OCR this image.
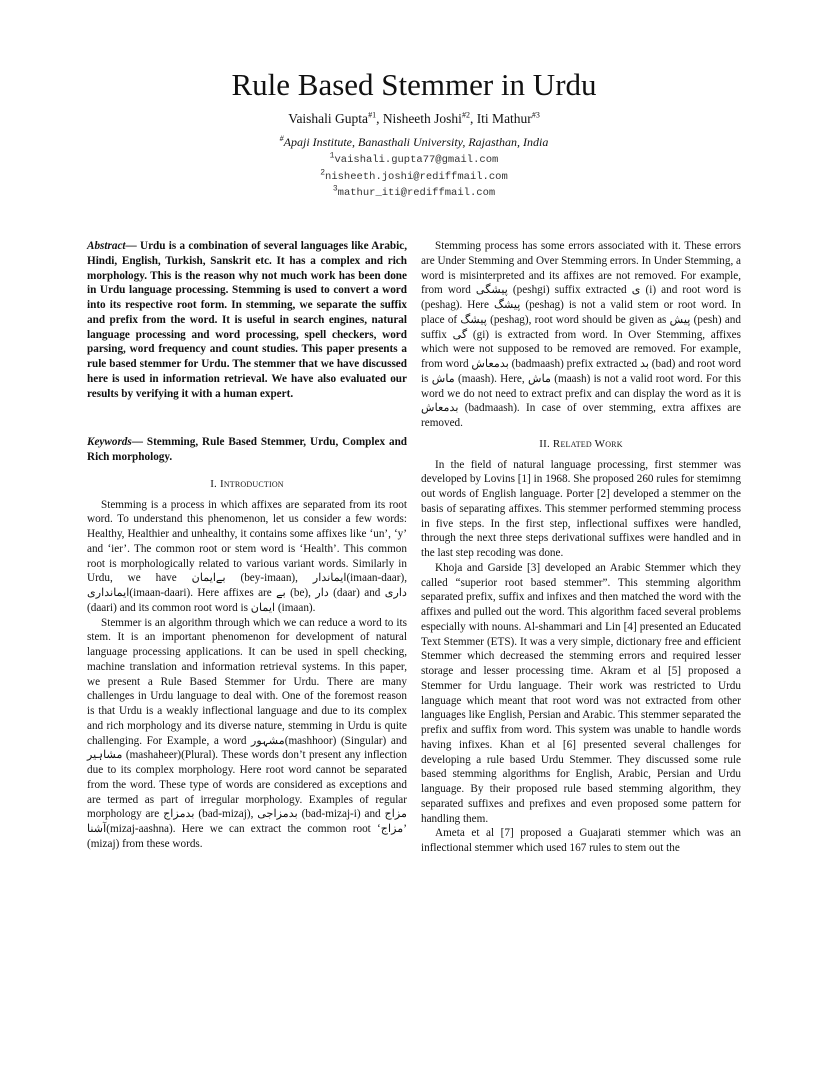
Rule Based Stemmer in Urdu
Vaishali Gupta$^{\#1}$, Nisheeth Joshi$^{\#2}$, Iti Mathur$^{\#3}$
#Apaji Institute, Banasthali University, Rajasthan, India
$^1$vaishali.gupta77@gmail.com
$^2$nisheeth.joshi@rediffmail.com
$^3$mathur_iti@rediffmail.com
Abstract— Urdu is a combination of several languages like Arabic, Hindi, English, Turkish, Sanskrit etc. It has a complex and rich morphology. This is the reason why not much work has been done in Urdu language processing. Stemming is used to convert a word into its respective root form. In stemming, we separate the suffix and prefix from the word. It is useful in search engines, natural language processing and word processing, spell checkers, word parsing, word frequency and count studies. This paper presents a rule based stemmer for Urdu. The stemmer that we have discussed here is used in information retrieval. We have also evaluated our results by verifying it with a human expert.
Keywords— Stemming, Rule Based Stemmer, Urdu, Complex and Rich morphology.
I. Introduction

Stemming is a process in which affixes are separated from its root word. To understand this phenomenon, let us consider a few words: Healthy, Healthier and unhealthy, it contains some affixes like ‘un’, ‘y’ and ‘ier’. The common root or stem word is ‘Health’. This common root is morphologically related to various variant words. Similarly in Urdu, we have بےایمان (bey-imaan), ایماندار(imaan-daar), ایمانداری(imaan-daari). Here affixes are بے (be), دار (daar) and داری (daari) and its common root word is ایمان (imaan).

Stemmer is an algorithm through which we can reduce a word to its stem. It is an important phenomenon for development of natural language processing applications. It can be used in spell checking, machine translation and information retrieval systems. In this paper, we present a Rule Based Stemmer for Urdu. There are many challenges in Urdu language to deal with. One of the foremost reason is that Urdu is a weakly inflectional language and due to its complex and rich morphology and its diverse nature, stemming in Urdu is quite challenging. For Example, a word مشہور(mashhoor) (Singular) and مشاہیر (mashaheer)(Plural). These words don’t present any inflection due to its complex morphology. Here root word cannot be separated from the word. These type of words are considered as exceptions and are termed as part of irregular morphology. Examples of regular morphology are بدمزاج (bad-mizaj), بدمزاجی (bad-mizaj-i) and مزاج آشنا(mizaj-aashna). Here we can extract the common root ‘مزاج’ (mizaj) from these words.

Stemming process has some errors associated with it. These errors are Under Stemming and Over Stemming errors. In Under Stemming, a word is misinterpreted and its affixes are not removed. For example, from word پیشگی (peshgi) suffix extracted ی (i) and root word is (peshag). Here پیشگ (peshag) is not a valid stem or root word. In place of پیشگ (peshag), root word should be given as پیش (pesh) and suffix گی (gi) is extracted from word. In Over Stemming, affixes which were not supposed to be removed are removed. For example, from word بدمعاش (badmaash) prefix extracted بد (bad) and root word is ماش (maash). Here, ماش (maash) is not a valid root word. For this word we do not need to extract prefix and can display the word as it is بدمعاش (badmaash). In case of over stemming, extra affixes are removed.

II. Related Work

In the field of natural language processing, first stemmer was developed by Lovins [1] in 1968. She proposed 260 rules for stemimng out words of English language. Porter [2] developed a stemmer on the basis of separating affixes. This stemmer performed stemming process in five steps. In the first step, inflectional suffixes were handled, through the next three steps derivational suffixes were handled and in the last step recoding was done.

Khoja and Garside [3] developed an Arabic Stemmer which they called “superior root based stemmer”. This stemming algorithm separated prefix, suffix and infixes and then matched the word with the affixes and pulled out the word. This algorithm faced several problems especially with nouns. Al-shammari and Lin [4] presented an Educated Text Stemmer (ETS). It was a very simple, dictionary free and efficient Stemmer which decreased the stemming errors and required lesser storage and lesser processing time. Akram et al [5] proposed a Stemmer for Urdu language. Their work was restricted to Urdu language which meant that root word was not extracted from other languages like English, Persian and Arabic. This stemmer separated the prefix and suffix from word. This system was unable to handle words having infixes. Khan et al [6] presented several challenges for developing a rule based Urdu Stemmer. They discussed some rule based stemming algorithms for English, Arabic, Persian and Urdu language. By their proposed rule based stemming algorithm, they separated suffixes and prefixes and even proposed some pattern for handling them.

Ameta et al [7] proposed a Guajarati stemmer which was an inflectional stemmer which used 167 rules to stem out the
